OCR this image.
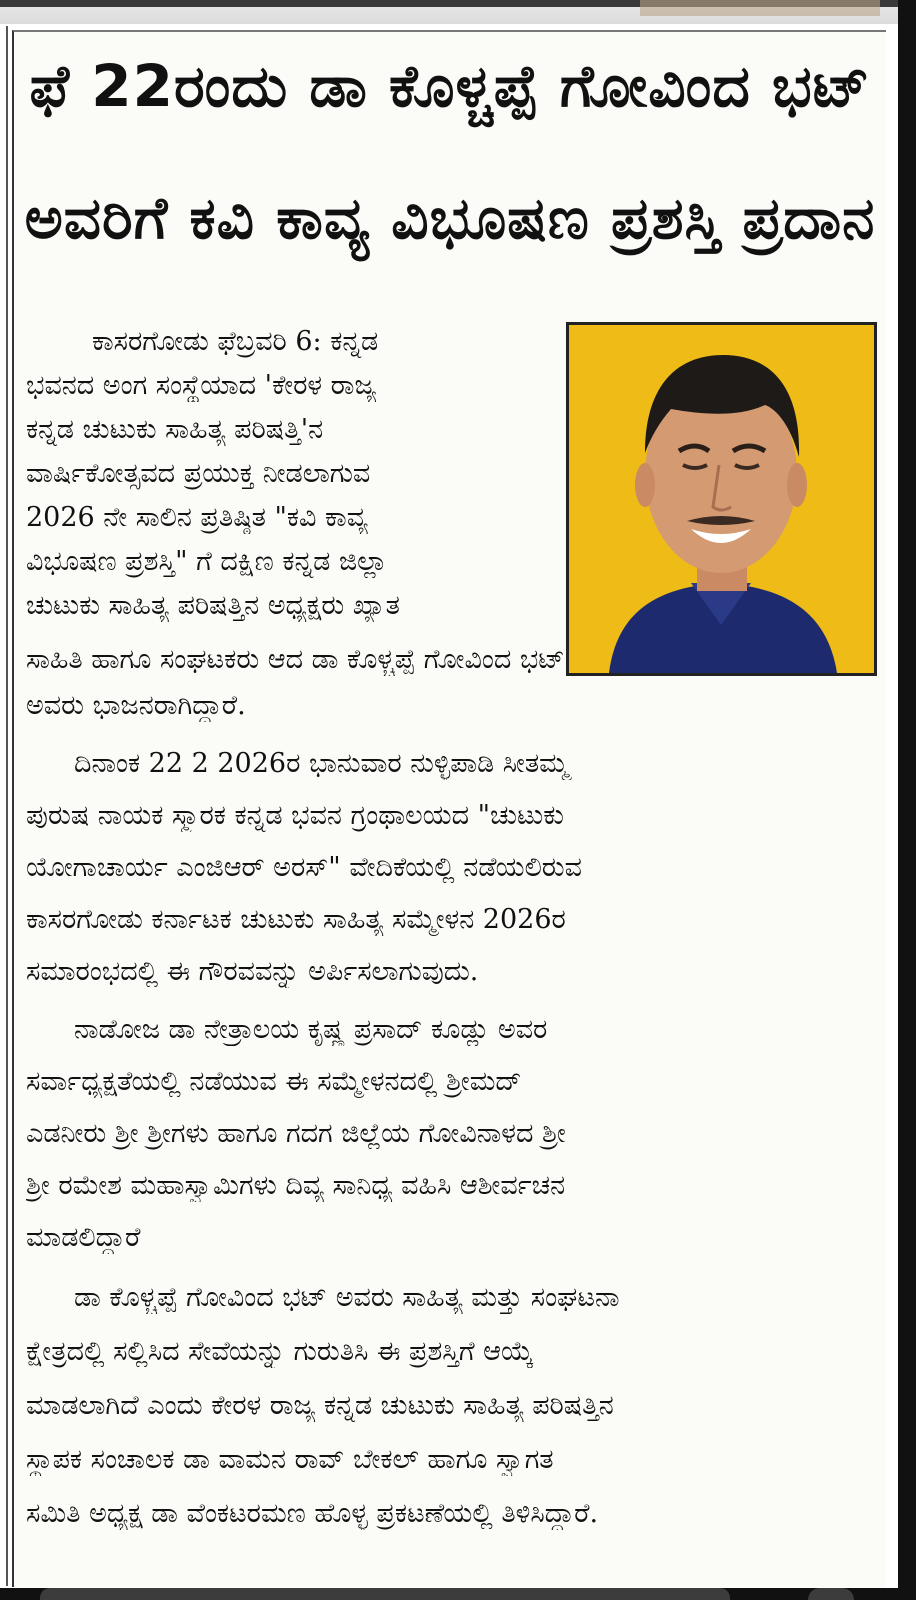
ಫೆ 22ರಂದು ಡಾ ಕೊಳ್ಚಪ್ಪೆ ಗೋವಿಂದ ಭಟ್
ಅವರಿಗೆ ಕವಿ ಕಾವ್ಯ ವಿಭೂಷಣ ಪ್ರಶಸ್ತಿ ಪ್ರದಾನ
ಕಾಸರಗೋಡು ಫೆಬ್ರವರಿ 6: ಕನ್ನಡ
ಭವನದ ಅಂಗ ಸಂಸ್ಥೆಯಾದ 'ಕೇರಳ ರಾಜ್ಯ
ಕನ್ನಡ ಚುಟುಕು ಸಾಹಿತ್ಯ ಪರಿಷತ್ತಿ'ನ
ವಾರ್ಷಿಕೋತ್ಸವದ ಪ್ರಯುಕ್ತ ನೀಡಲಾಗುವ
2026 ನೇ ಸಾಲಿನ ಪ್ರತಿಷ್ಠಿತ "ಕವಿ ಕಾವ್ಯ
ವಿಭೂಷಣ ಪ್ರಶಸ್ತಿ" ಗೆ ದಕ್ಷಿಣ ಕನ್ನಡ ಜಿಲ್ಲಾ
ಚುಟುಕು ಸಾಹಿತ್ಯ ಪರಿಷತ್ತಿನ ಅಧ್ಯಕ್ಷರು ಖ್ಯಾತ
ಸಾಹಿತಿ ಹಾಗೂ ಸಂಘಟಕರು ಆದ ಡಾ ಕೊಳ್ಚಪ್ಪೆ ಗೋವಿಂದ ಭಟ್
ಅವರು ಭಾಜನರಾಗಿದ್ದಾರೆ.
ದಿನಾಂಕ 22 2 2026ರ ಭಾನುವಾರ ನುಳ್ಳಿಪಾಡಿ ಸೀತಮ್ಮ
ಪುರುಷ ನಾಯಕ ಸ್ಮಾರಕ ಕನ್ನಡ ಭವನ ಗ್ರಂಥಾಲಯದ "ಚುಟುಕು
ಯೋಗಾಚಾರ್ಯ ಎಂಜಿಆರ್ ಅರಸ್" ವೇದಿಕೆಯಲ್ಲಿ ನಡೆಯಲಿರುವ
ಕಾಸರಗೋಡು ಕರ್ನಾಟಕ ಚುಟುಕು ಸಾಹಿತ್ಯ ಸಮ್ಮೇಳನ 2026ರ
ಸಮಾರಂಭದಲ್ಲಿ ಈ ಗೌರವವನ್ನು ಅರ್ಪಿಸಲಾಗುವುದು.
ನಾಡೋಜ ಡಾ ನೇತ್ರಾಲಯ ಕೃಷ್ಣ ಪ್ರಸಾದ್ ಕೂಡ್ಲು ಅವರ
ಸರ್ವಾಧ್ಯಕ್ಷತೆಯಲ್ಲಿ ನಡೆಯುವ ಈ ಸಮ್ಮೇಳನದಲ್ಲಿ ಶ್ರೀಮದ್
ಎಡನೀರು ಶ್ರೀ ಶ್ರೀಗಳು ಹಾಗೂ ಗದಗ ಜಿಲ್ಲೆಯ ಗೋವಿನಾಳದ ಶ್ರೀ
ಶ್ರೀ ರಮೇಶ ಮಹಾಸ್ವಾಮಿಗಳು ದಿವ್ಯ ಸಾನಿಧ್ಯ ವಹಿಸಿ ಆಶೀರ್ವಚನ
ಮಾಡಲಿದ್ದಾರೆ
ಡಾ ಕೊಳ್ಚಪ್ಪೆ ಗೋವಿಂದ ಭಟ್ ಅವರು ಸಾಹಿತ್ಯ ಮತ್ತು ಸಂಘಟನಾ
ಕ್ಷೇತ್ರದಲ್ಲಿ ಸಲ್ಲಿಸಿದ ಸೇವೆಯನ್ನು ಗುರುತಿಸಿ ಈ ಪ್ರಶಸ್ತಿಗೆ ಆಯ್ಕೆ
ಮಾಡಲಾಗಿದೆ ಎಂದು ಕೇರಳ ರಾಜ್ಯ ಕನ್ನಡ ಚುಟುಕು ಸಾಹಿತ್ಯ ಪರಿಷತ್ತಿನ
ಸ್ಥಾಪಕ ಸಂಚಾಲಕ ಡಾ ವಾಮನ ರಾವ್ ಬೇಕಲ್ ಹಾಗೂ ಸ್ವಾಗತ
ಸಮಿತಿ ಅಧ್ಯಕ್ಷ ಡಾ ವೆಂಕಟರಮಣ ಹೊಳ್ಳ ಪ್ರಕಟಣೆಯಲ್ಲಿ ತಿಳಿಸಿದ್ದಾರೆ.
